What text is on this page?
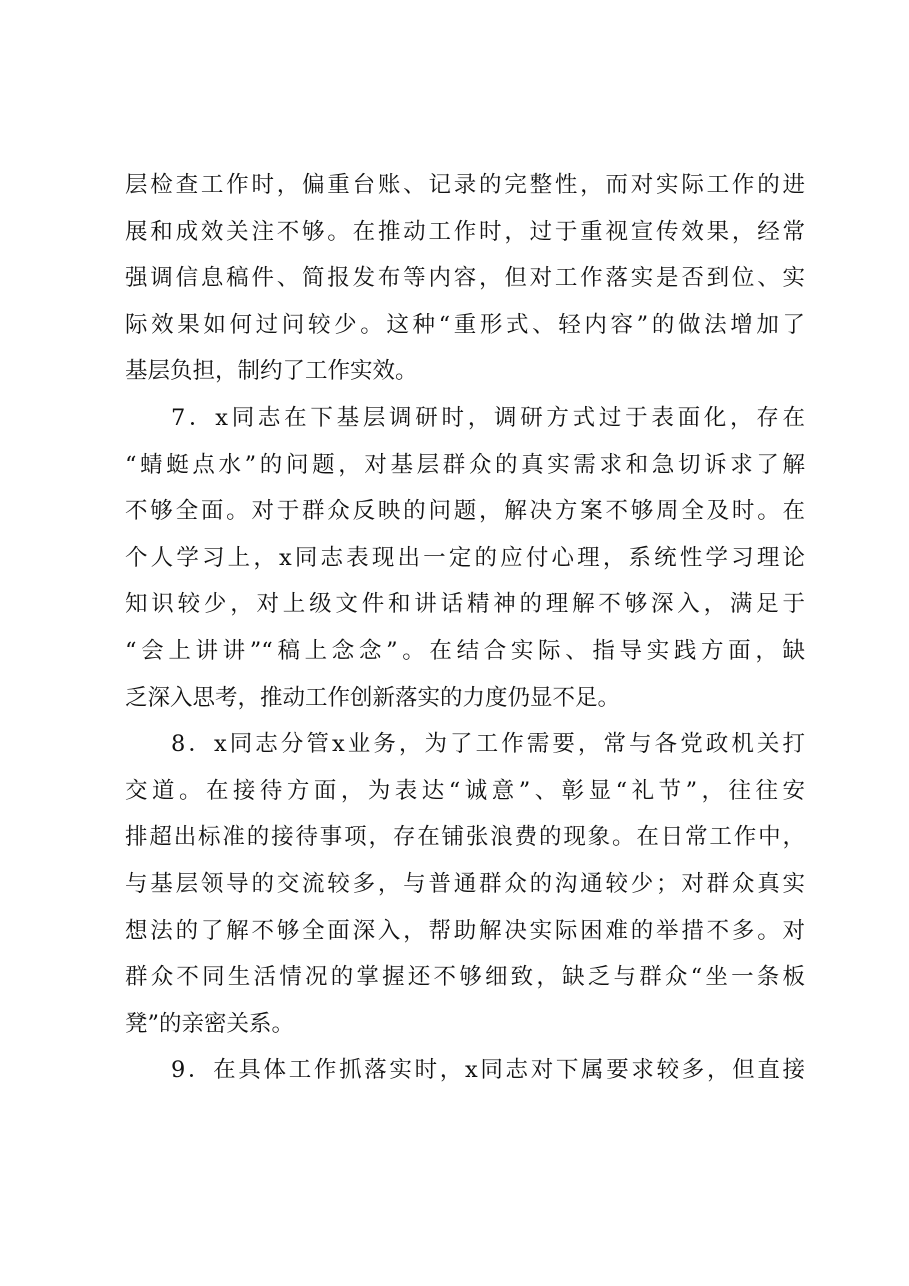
层检查工作时，偏重台账、记录的完整性，而对实际工作的进
展和成效关注不够。在推动工作时，过于重视宣传效果，经常
强调信息稿件、简报发布等内容，但对工作落实是否到位、实
际效果如何过问较少。这种“重形式、轻内容”的做法增加了
基层负担，制约了工作实效。
7．x同志在下基层调研时，调研方式过于表面化，存在
“蜻蜓点水”的问题，对基层群众的真实需求和急切诉求了解
不够全面。对于群众反映的问题，解决方案不够周全及时。在
个人学习上，x同志表现出一定的应付心理，系统性学习理论
知识较少，对上级文件和讲话精神的理解不够深入，满足于
“会上讲讲”“稿上念念”。在结合实际、指导实践方面，缺
乏深入思考，推动工作创新落实的力度仍显不足。
8．x同志分管x业务，为了工作需要，常与各党政机关打
交道。在接待方面，为表达“诚意”、彰显“礼节”，往往安
排超出标准的接待事项，存在铺张浪费的现象。在日常工作中，
与基层领导的交流较多，与普通群众的沟通较少；对群众真实
想法的了解不够全面深入，帮助解决实际困难的举措不多。对
群众不同生活情况的掌握还不够细致，缺乏与群众“坐一条板
凳”的亲密关系。
9．在具体工作抓落实时，x同志对下属要求较多，但直接
